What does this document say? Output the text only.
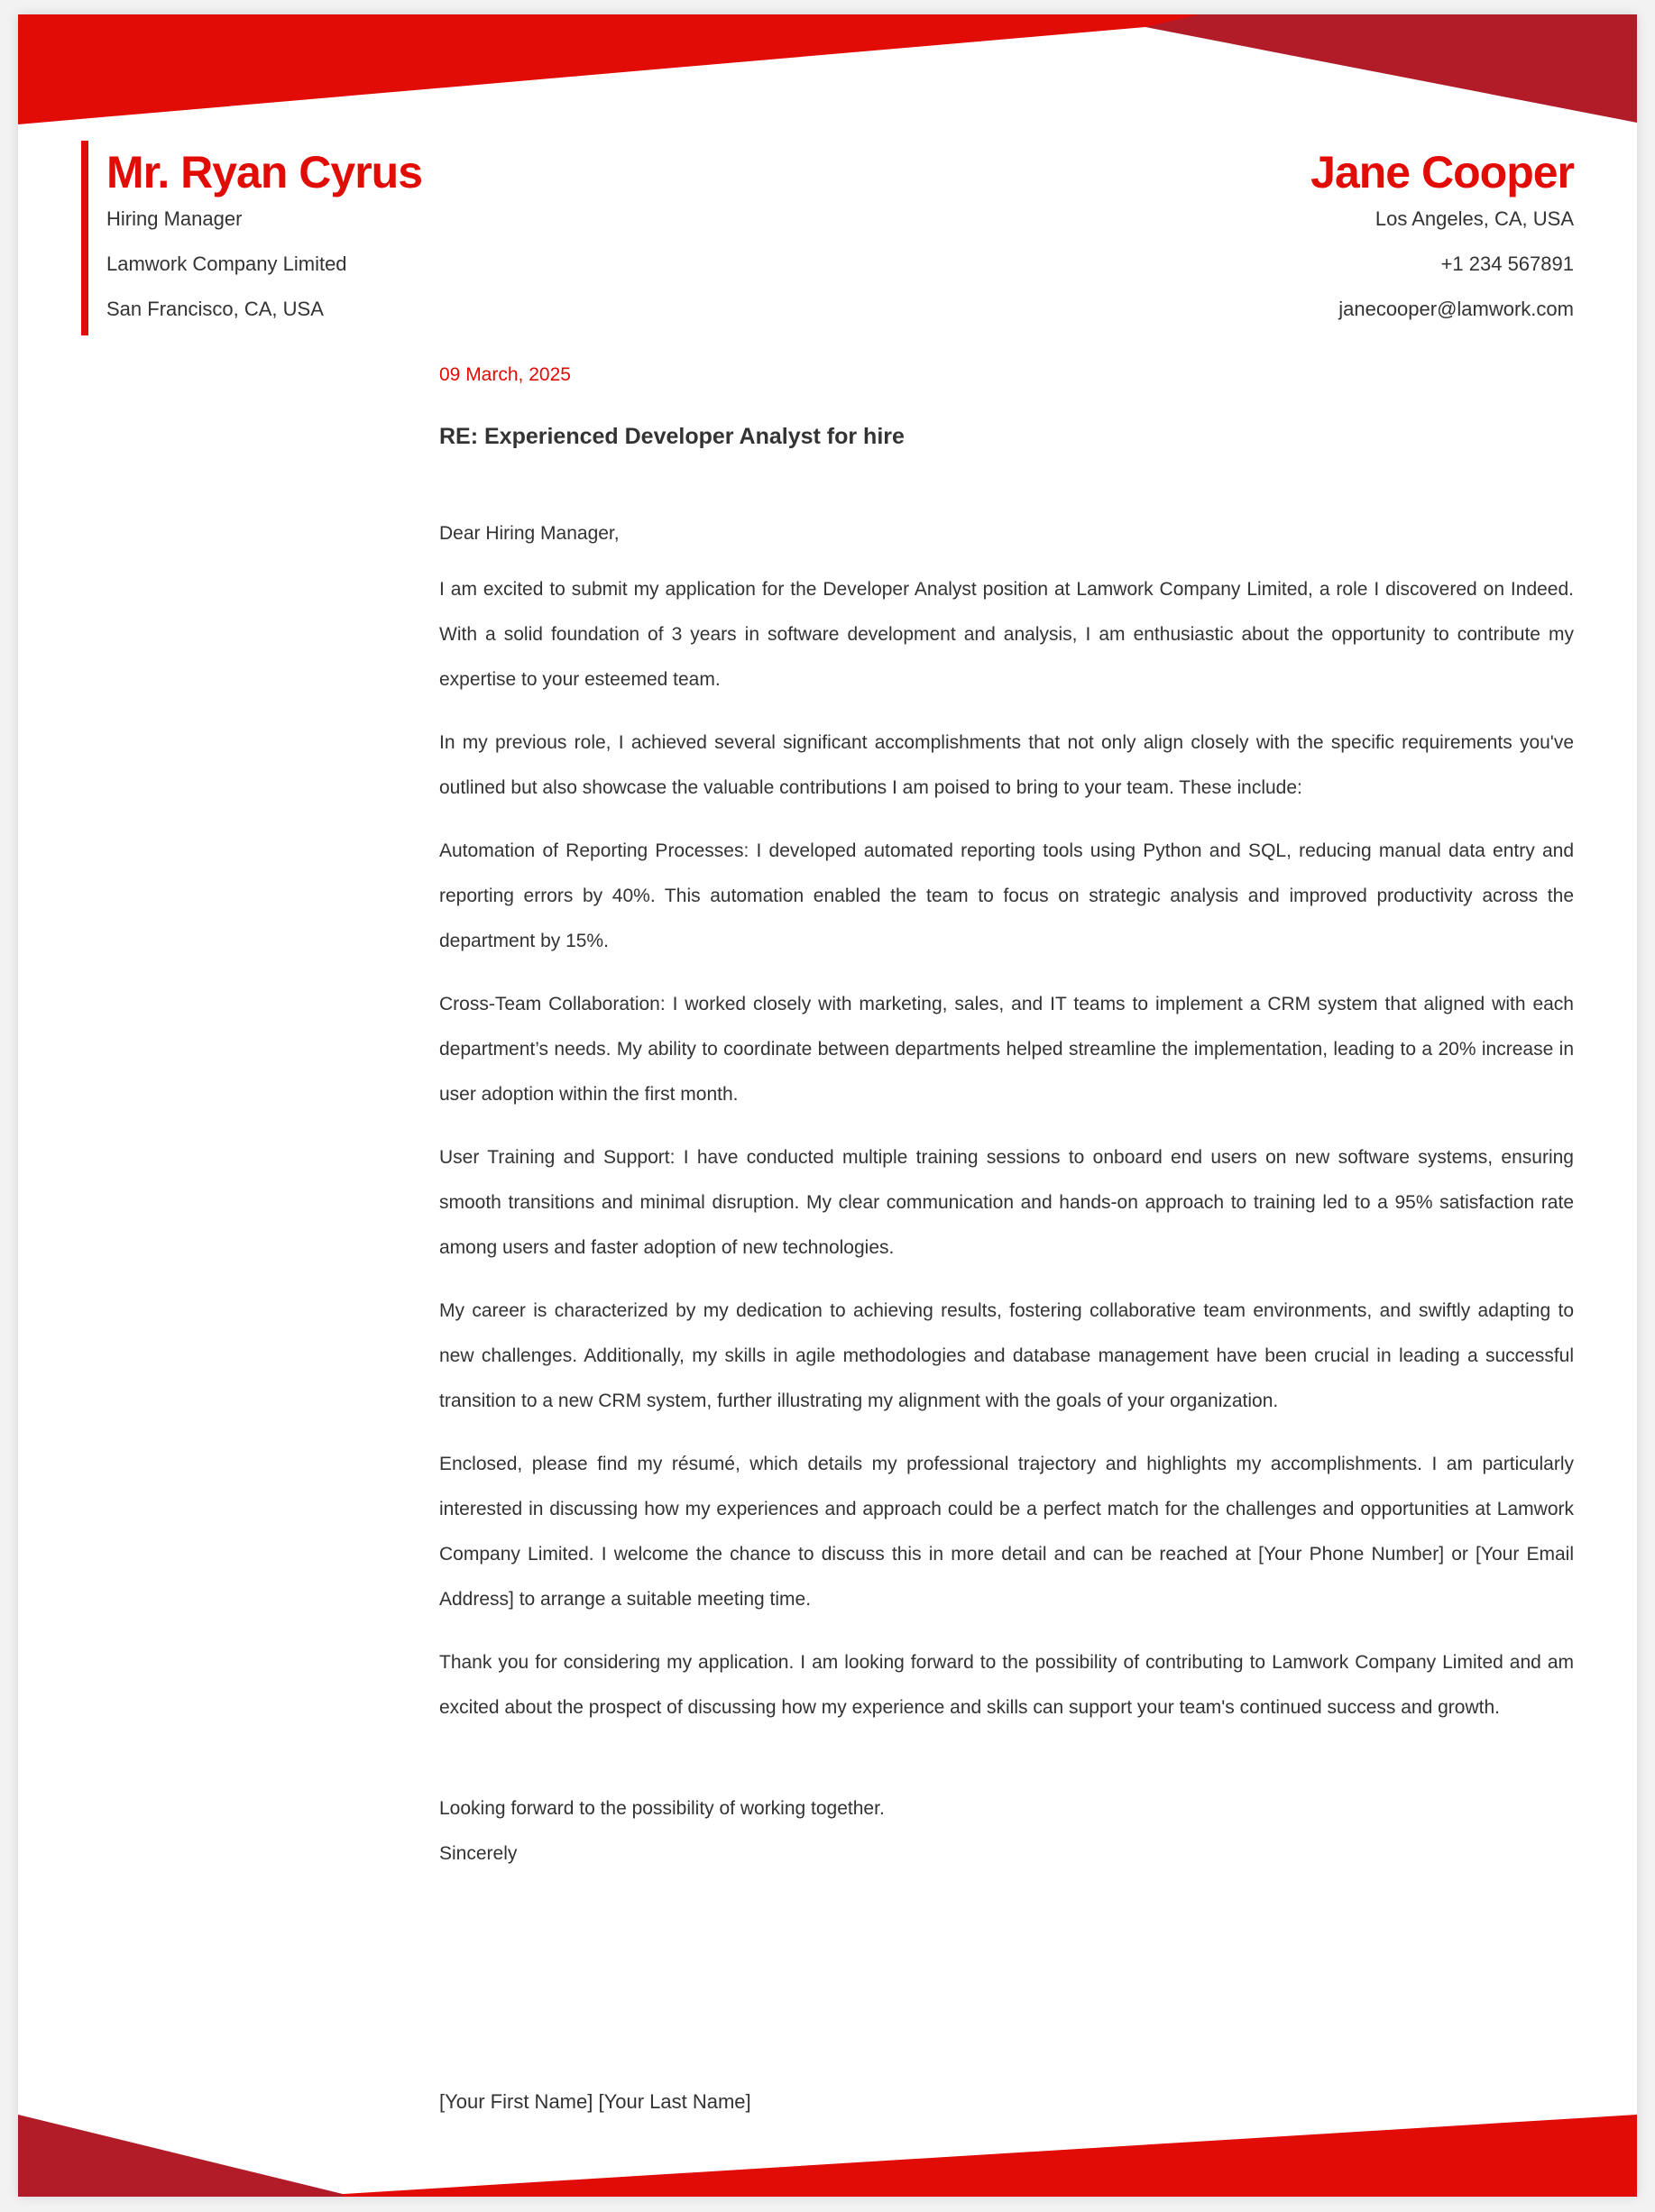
Mr. Ryan Cyrus

Hiring Manager

Lamwork Company Limited

San Francisco, CA, USA

Jane Cooper

Los Angeles, CA, USA

+1 234 567891

janecooper@lamwork.com

09 March, 2025

RE: Experienced Developer Analyst for hire

Dear Hiring Manager,

I am excited to submit my application for the Developer Analyst position at Lamwork Company Limited, a role I discovered on Indeed. With a solid foundation of 3 years in software development and analysis, I am enthusiastic about the opportunity to contribute my expertise to your esteemed team.

In my previous role, I achieved several significant accomplishments that not only align closely with the specific requirements you've outlined but also showcase the valuable contributions I am poised to bring to your team. These include:

Automation of Reporting Processes: I developed automated reporting tools using Python and SQL, reducing manual data entry and reporting errors by 40%. This automation enabled the team to focus on strategic analysis and improved productivity across the department by 15%.

Cross-Team Collaboration: I worked closely with marketing, sales, and IT teams to implement a CRM system that aligned with each department’s needs. My ability to coordinate between departments helped streamline the implementation, leading to a 20% increase in user adoption within the first month.

User Training and Support: I have conducted multiple training sessions to onboard end users on new software systems, ensuring smooth transitions and minimal disruption. My clear communication and hands-on approach to training led to a 95% satisfaction rate among users and faster adoption of new technologies.

My career is characterized by my dedication to achieving results, fostering collaborative team environments, and swiftly adapting to new challenges. Additionally, my skills in agile methodologies and database management have been crucial in leading a successful transition to a new CRM system, further illustrating my alignment with the goals of your organization.

Enclosed, please find my résumé, which details my professional trajectory and highlights my accomplishments. I am particularly interested in discussing how my experiences and approach could be a perfect match for the challenges and opportunities at Lamwork Company Limited. I welcome the chance to discuss this in more detail and can be reached at [Your Phone Number] or [Your Email Address] to arrange a suitable meeting time.

Thank you for considering my application. I am looking forward to the possibility of contributing to Lamwork Company Limited and am excited about the prospect of discussing how my experience and skills can support your team's continued success and growth.

Looking forward to the possibility of working together.

Sincerely

[Your First Name] [Your Last Name]
